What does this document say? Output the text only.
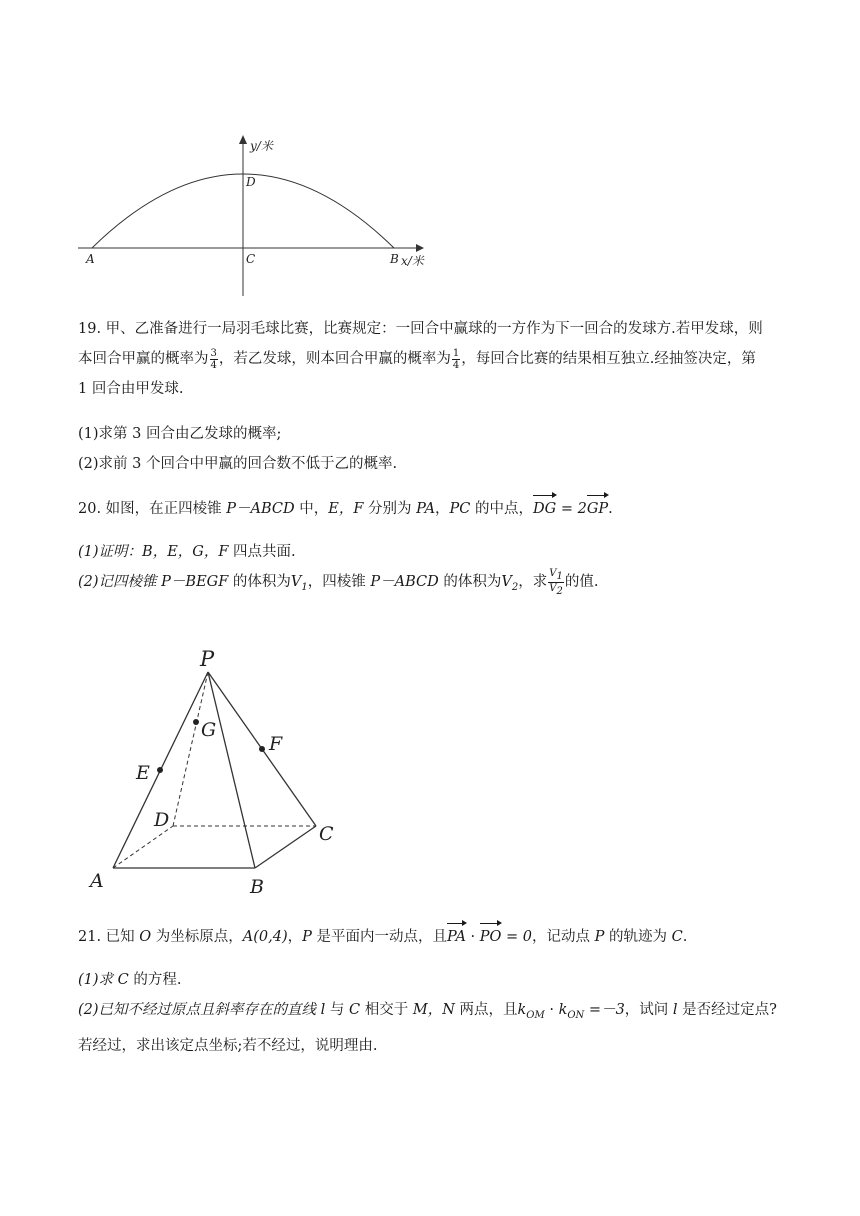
y/米
D
A	C	B x/米
19. 甲、乙准备进行一局羽毛球比赛，比赛规定：一回合中赢球的一方作为下一回合的发球方.若甲发球，则
本回合甲赢的概率为 $\frac{3}{4}$ ，若乙发球，则本回合甲赢的概率为 $\frac{1}{4}$ ，每回合比赛的结果相互独立.经抽签决定，第
1 回合由甲发球.
(1)求第 3 回合由乙发球的概率;
(2)求前 3 个回合中甲赢的回合数不低于乙的概率.
20. 如图，在正四棱锥 P－ABCD 中，E，F 分别为 PA，PC 的中点，DG = 2GP.
(1)证明：B，E，G，F 四点共面.
(2)记四棱锥 P－BEGF 的体积为$V_1$，四棱锥 P－ABCD 的体积为$V_2$，求 $\frac{V_1}{V_2}$ 的值.
P
G
F
E
D
C
A	B
21. 已知 O 为坐标原点，A(0,4)，P 是平面内一动点，且PA · PO = 0，记动点 P 的轨迹为 C.
(1)求 C 的方程.
(2)已知不经过原点且斜率存在的直线 l 与 C 相交于 M，N 两点，且$k_{OM} \cdot k_{ON} =-3$，试问 l 是否经过定点?
若经过，求出该定点坐标;若不经过，说明理由.
